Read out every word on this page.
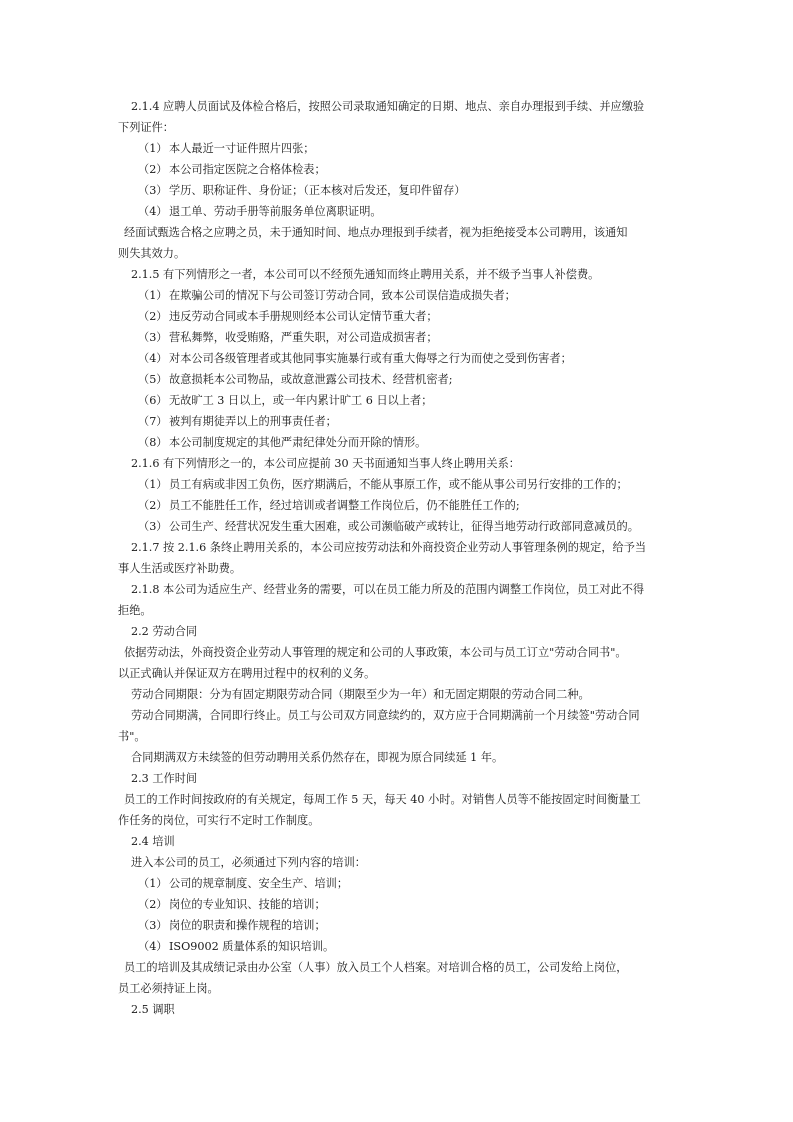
2.1.4 应聘人员面试及体检合格后，按照公司录取通知确定的日期、地点、亲自办理报到手续、并应缴验

下列证件：

（1） 本人最近一寸证件照片四张；

（2） 本公司指定医院之合格体检表；

（3） 学历、职称证件、身份证；（正本核对后发还，复印件留存）

（4） 退工单、劳动手册等前服务单位离职证明。

经面试甄选合格之应聘之员，未于通知时间、地点办理报到手续者，视为拒绝接受本公司聘用，该通知

则失其效力。

2.1.5 有下列情形之一者，本公司可以不经预先通知而终止聘用关系，并不级予当事人补偿费。

（1） 在欺骗公司的情况下与公司签订劳动合同，致本公司误信造成损失者；

（2） 违反劳动合同或本手册规则经本公司认定情节重大者；

（3） 营私舞弊，收受贿赂，严重失职，对公司造成损害者；

（4） 对本公司各级管理者或其他同事实施暴行或有重大侮辱之行为而使之受到伤害者；

（5） 故意损耗本公司物品，或故意泄露公司技术、经营机密者;

（6） 无故旷工 3 日以上，或一年内累计旷工 6 日以上者；

（7） 被判有期徒弄以上的刑事责任者；

（8） 本公司制度规定的其他严肃纪律处分而开除的情形。

2.1.6 有下列情形之一的，本公司应提前 30 天书面通知当事人终止聘用关系：

（1） 员工有病或非因工负伤，医疗期满后，不能从事原工作，或不能从事公司另行安排的工作的；

（2） 员工不能胜任工作，经过培训或者调整工作岗位后，仍不能胜任工作的;

（3） 公司生产、经营状况发生重大困难，或公司濒临破产或转让，征得当地劳动行政部同意减员的。

2.1.7 按 2.1.6 条终止聘用关系的，本公司应按劳动法和外商投资企业劳动人事管理条例的规定，给予当

事人生活或医疗补助费。

2.1.8 本公司为适应生产、经营业务的需要，可以在员工能力所及的范围内调整工作岗位，员工对此不得

拒绝。

2.2 劳动合同

依据劳动法，外商投资企业劳动人事管理的规定和公司的人事政策，本公司与员工订立"劳动合同书"。

以正式确认并保证双方在聘用过程中的权利的义务。

劳动合同期限：分为有固定期限劳动合同（期限至少为一年）和无固定期限的劳动合同二种。

劳动合同期满，合同即行终止。员工与公司双方同意续约的，双方应于合同期满前一个月续签"劳动合同

书"。

合同期满双方未续签的但劳动聘用关系仍然存在，即视为原合同续延 1 年。

2.3 工作时间

员工的工作时间按政府的有关规定，每周工作 5 天，每天 40 小时。对销售人员等不能按固定时间衡量工

作任务的岗位，可实行不定时工作制度。

2.4 培训

进入本公司的员工，必须通过下列内容的培训：

（1） 公司的规章制度、安全生产、培训；

（2） 岗位的专业知识、技能的培训；

（3） 岗位的职责和操作规程的培训；

（4） ISO9002 质量体系的知识培训。

员工的培训及其成绩记录由办公室（人事）放入员工个人档案。对培训合格的员工，公司发给上岗位，

员工必须持证上岗。

2.5 调职
